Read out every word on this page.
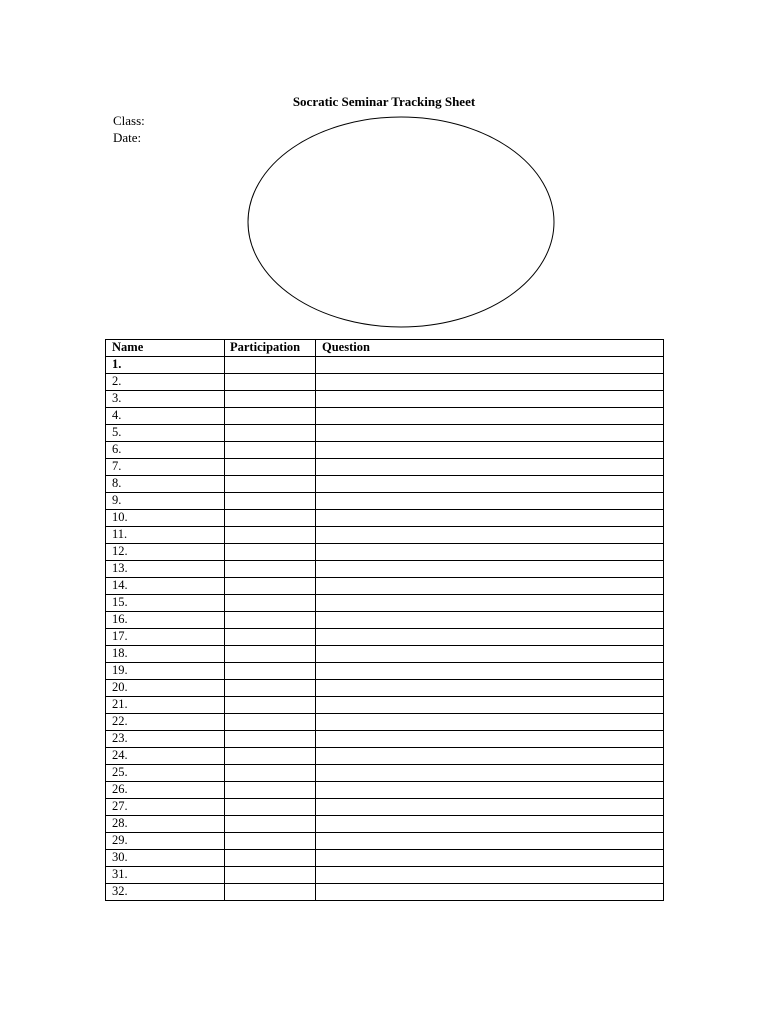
Socratic Seminar Tracking Sheet
Class:
Date:
Name	Participation	Question
1.		
2.		
3.		
4.		
5.		
6.		
7.		
8.		
9.		
10.		
11.		
12.		
13.		
14.		
15.		
16.		
17.		
18.		
19.		
20.		
21.		
22.		
23.		
24.		
25.		
26.		
27.		
28.		
29.		
30.		
31.		
32.		
